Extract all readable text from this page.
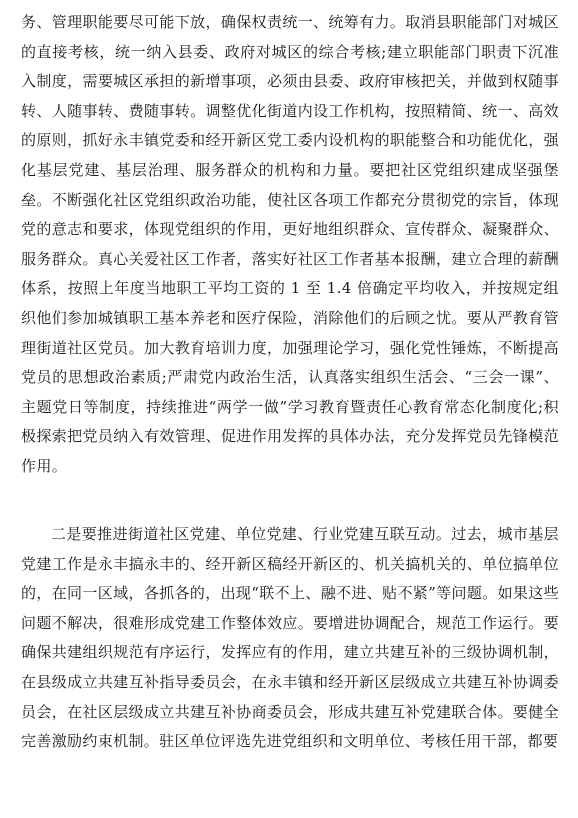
务、管理职能要尽可能下放，确保权责统一、统筹有力。取消县职能部门对城区的直接考核，统一纳入县委、政府对城区的综合考核;建立职能部门职责下沉准入制度，需要城区承担的新增事项，必须由县委、政府审核把关，并做到权随事转、人随事转、费随事转。调整优化街道内设工作机构，按照精简、统一、高效的原则，抓好永丰镇党委和经开新区党工委内设机构的职能整合和功能优化，强化基层党建、基层治理、服务群众的机构和力量。要把社区党组织建成坚强堡垒。不断强化社区党组织政治功能，使社区各项工作都充分贯彻党的宗旨，体现党的意志和要求，体现党组织的作用，更好地组织群众、宣传群众、凝聚群众、服务群众。真心关爱社区工作者，落实好社区工作者基本报酬，建立合理的薪酬体系，按照上年度当地职工平均工资的 1 至 1.4 倍确定平均收入，并按规定组织他们参加城镇职工基本养老和医疗保险，消除他们的后顾之忧。要从严教育管理街道社区党员。加大教育培训力度，加强理论学习，强化党性锤炼，不断提高党员的思想政治素质;严肃党内政治生活，认真落实组织生活会、“三会一课”、主题党日等制度，持续推进“两学一做”学习教育暨责任心教育常态化制度化;积极探索把党员纳入有效管理、促进作用发挥的具体办法，充分发挥党员先锋模范作用。

二是要推进街道社区党建、单位党建、行业党建互联互动。过去，城市基层党建工作是永丰搞永丰的、经开新区稿经开新区的、机关搞机关的、单位搞单位的，在同一区域，各抓各的，出现“联不上、融不进、贴不紧”等问题。如果这些问题不解决，很难形成党建工作整体效应。要增进协调配合，规范工作运行。要确保共建组织规范有序运行，发挥应有的作用，建立共建互补的三级协调机制，在县级成立共建互补指导委员会，在永丰镇和经开新区层级成立共建互补协调委员会，在社区层级成立共建互补协商委员会，形成共建互补党建联合体。要健全完善激励约束机制。驻区单位评选先进党组织和文明单位、考核任用干部，都要
